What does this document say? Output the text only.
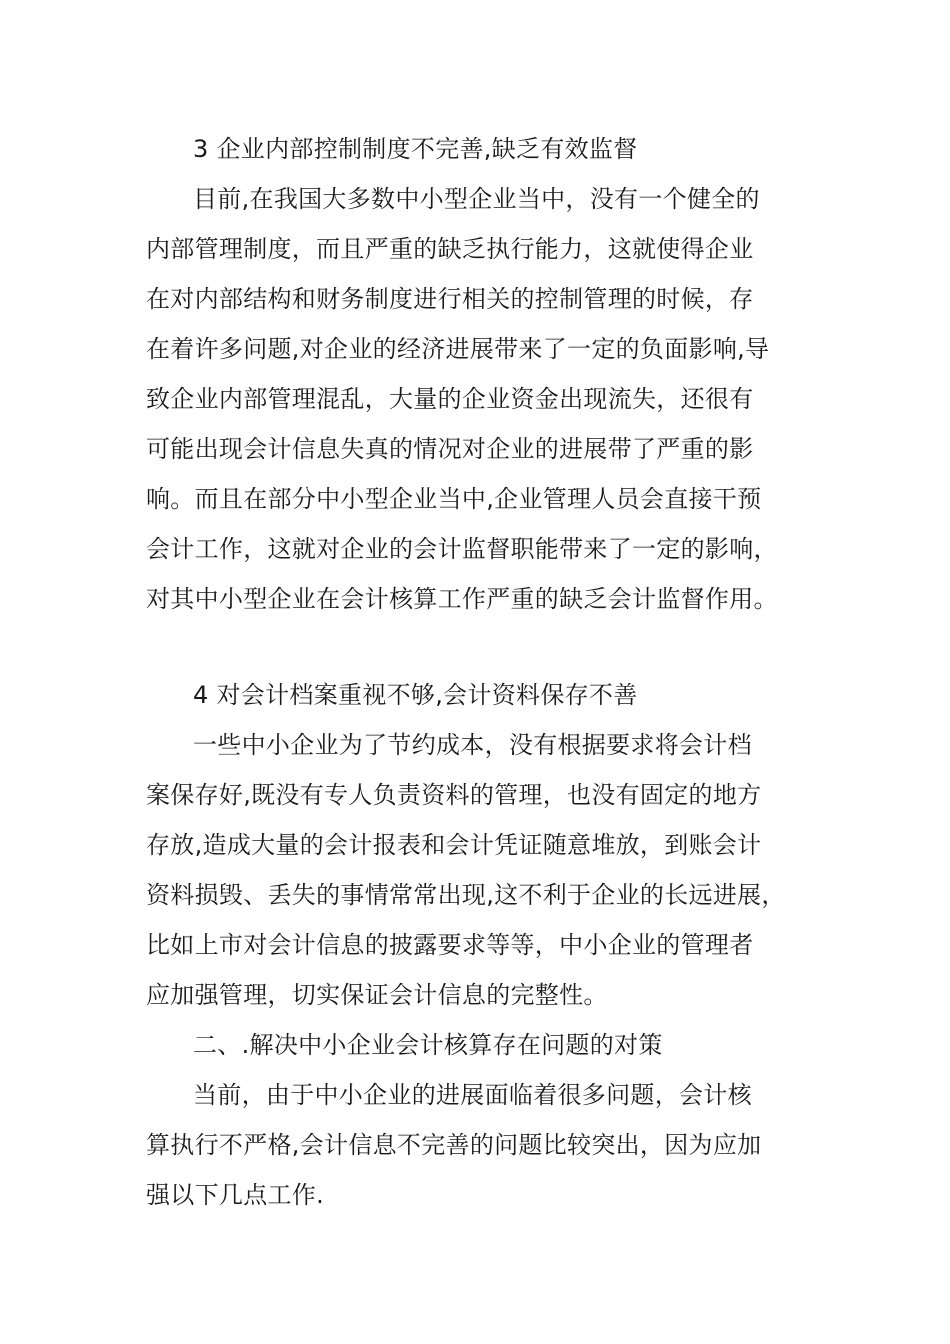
3 企业内部控制制度不完善,缺乏有效监督
目前,在我国大多数中小型企业当中，没有一个健全的
内部管理制度，而且严重的缺乏执行能力，这就使得企业
在对内部结构和财务制度进行相关的控制管理的时候，存
在着许多问题,对企业的经济进展带来了一定的负面影响,导
致企业内部管理混乱，大量的企业资金出现流失，还很有
可能出现会计信息失真的情况对企业的进展带了严重的影
响。而且在部分中小型企业当中,企业管理人员会直接干预
会计工作，这就对企业的会计监督职能带来了一定的影响，
对其中小型企业在会计核算工作严重的缺乏会计监督作用。
4 对会计档案重视不够,会计资料保存不善
一些中小企业为了节约成本，没有根据要求将会计档
案保存好,既没有专人负责资料的管理，也没有固定的地方
存放,造成大量的会计报表和会计凭证随意堆放，到账会计
资料损毁、丢失的事情常常出现,这不利于企业的长远进展，
比如上市对会计信息的披露要求等等，中小企业的管理者
应加强管理，切实保证会计信息的完整性。
二、.解决中小企业会计核算存在问题的对策
当前，由于中小企业的进展面临着很多问题，会计核
算执行不严格,会计信息不完善的问题比较突出，因为应加
强以下几点工作.
